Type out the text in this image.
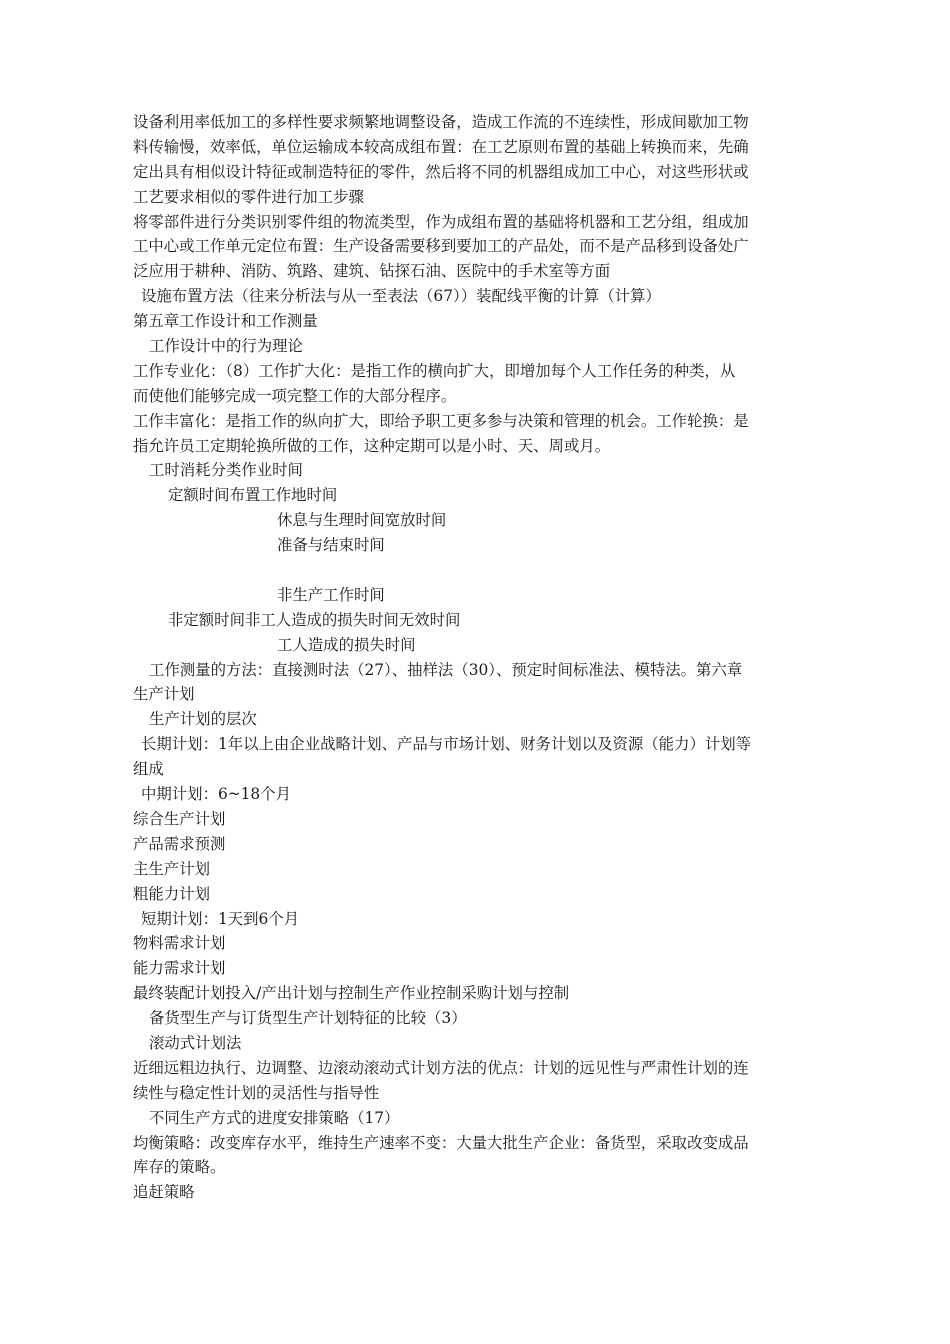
设备利用率低加工的多样性要求频繁地调整设备，造成工作流的不连续性，形成间歇加工物
料传输慢，效率低，单位运输成本较高成组布置：在工艺原则布置的基础上转换而来，先确
定出具有相似设计特征或制造特征的零件，然后将不同的机器组成加工中心，对这些形状或
工艺要求相似的零件进行加工步骤
将零部件进行分类识别零件组的物流类型，作为成组布置的基础将机器和工艺分组，组成加
工中心或工作单元定位布置：生产设备需要移到要加工的产品处，而不是产品移到设备处广
泛应用于耕种、消防、筑路、建筑、钻探石油、医院中的手术室等方面
设施布置方法（往来分析法与从一至表法（67））装配线平衡的计算（计算）
第五章工作设计和工作测量
工作设计中的行为理论
工作专业化：（8）工作扩大化：是指工作的横向扩大，即增加每个人工作任务的种类，从
而使他们能够完成一项完整工作的大部分程序。
工作丰富化：是指工作的纵向扩大，即给予职工更多参与决策和管理的机会。工作轮换：是
指允许员工定期轮换所做的工作，这种定期可以是小时、天、周或月。
工时消耗分类作业时间
定额时间布置工作地时间
休息与生理时间宽放时间
准备与结束时间
非生产工作时间
非定额时间非工人造成的损失时间无效时间
工人造成的损失时间
工作测量的方法：直接测时法（27）、抽样法（30）、预定时间标准法、模特法。第六章
生产计划
生产计划的层次
长期计划：1年以上由企业战略计划、产品与市场计划、财务计划以及资源（能力）计划等
组成
中期计划：6~18个月
综合生产计划
产品需求预测
主生产计划
粗能力计划
短期计划：1天到6个月
物料需求计划
能力需求计划
最终装配计划投入/产出计划与控制生产作业控制采购计划与控制
备货型生产与订货型生产计划特征的比较（3）
滚动式计划法
近细远粗边执行、边调整、边滚动滚动式计划方法的优点：计划的远见性与严肃性计划的连
续性与稳定性计划的灵活性与指导性
不同生产方式的进度安排策略（17）
均衡策略：改变库存水平，维持生产速率不变：大量大批生产企业：备货型，采取改变成品
库存的策略。
追赶策略
